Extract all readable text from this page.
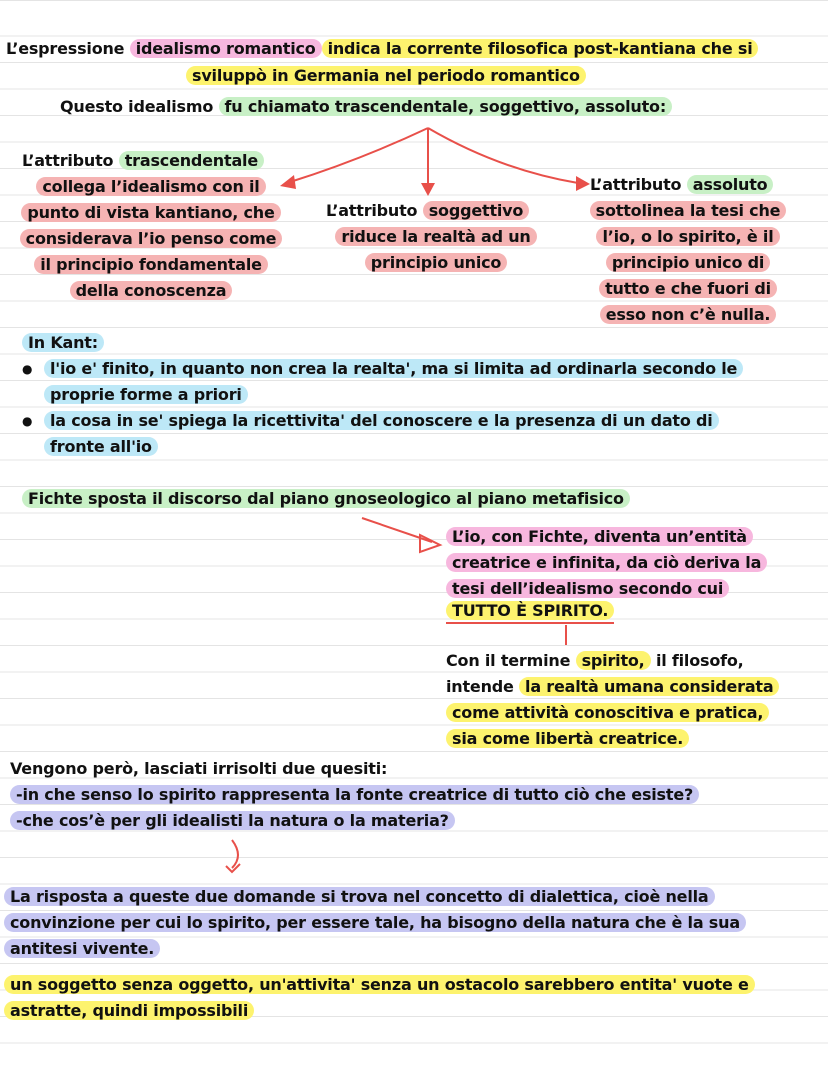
L’espressione idealismo romantico indica la corrente filosofica post-kantiana che si
sviluppò in Germania nel periodo romantico
Questo idealismo fu chiamato trascendentale, soggettivo, assoluto:
L’attributo trascendentale
collega l’idealismo con il
punto di vista kantiano, che
considerava l’io penso come
il principio fondamentale
della conoscenza
L’attributo soggettivo
riduce la realtà ad un
principio unico
L’attributo assoluto
sottolinea la tesi che
l’io, o lo spirito, è il
principio unico di
tutto e che fuori di
esso non c’è nulla.
In Kant:
● l'io e' finito, in quanto non crea la realta', ma si limita ad ordinarla secondo le
proprie forme a priori
● la cosa in se' spiega la ricettivita' del conoscere e la presenza di un dato di
fronte all'io
Fichte sposta il discorso dal piano gnoseologico al piano metafisico
L’io, con Fichte, diventa un’entità
creatrice e infinita, da ciò deriva la
tesi dell’idealismo secondo cui
TUTTO È SPIRITO.
Con il termine spirito, il filosofo,
intende la realtà umana considerata
come attività conoscitiva e pratica,
sia come libertà creatrice.
Vengono però, lasciati irrisolti due quesiti:
-in che senso lo spirito rappresenta la fonte creatrice di tutto ciò che esiste?
-che cos’è per gli idealisti la natura o la materia?
La risposta a queste due domande si trova nel concetto di dialettica, cioè nella
convinzione per cui lo spirito, per essere tale, ha bisogno della natura che è la sua
antitesi vivente.
un soggetto senza oggetto, un'attivita' senza un ostacolo sarebbero entita' vuote e
astratte, quindi impossibili
